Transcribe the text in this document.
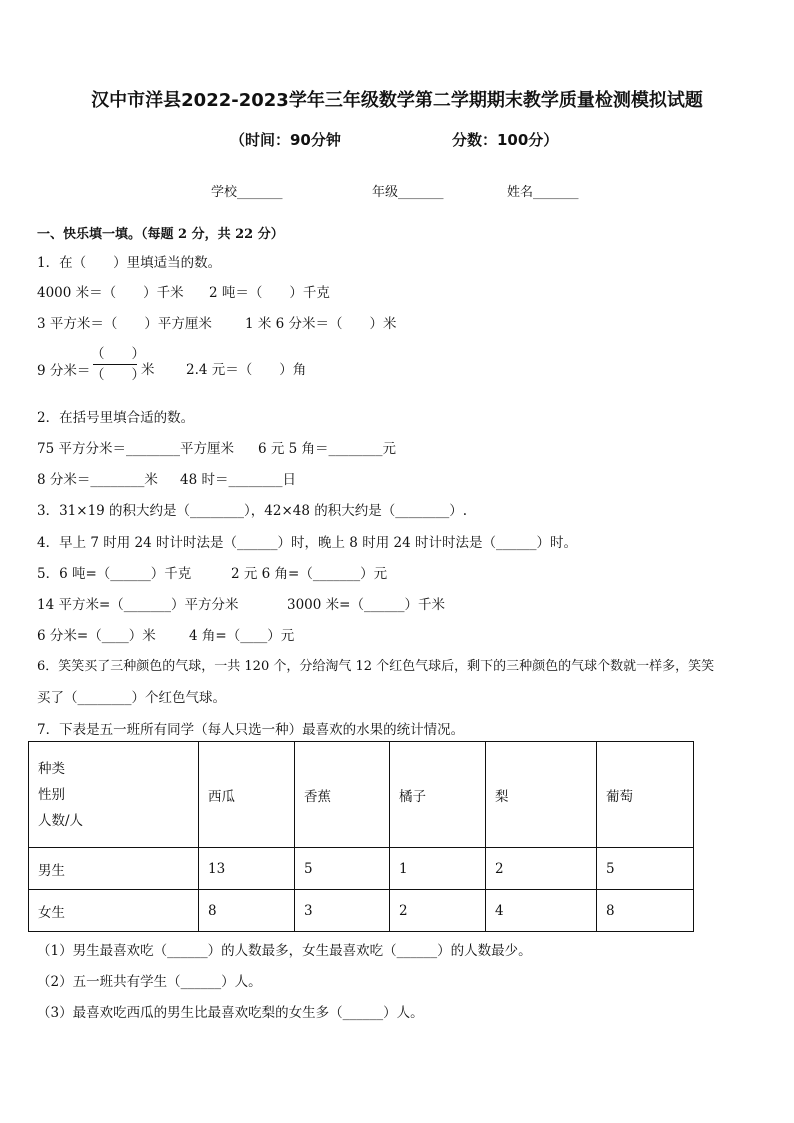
汉中市洋县2022-2023学年三年级数学第二学期期末教学质量检测模拟试题
（时间：90分钟	分数：100分）
学校_______	年级_______	姓名_______
一、快乐填一填。（每题 2 分，共 22 分）
1．在（　　）里填适当的数。
4000 米＝（　　）千米 2 吨＝（　　）千克
3 平方米＝（　　）平方厘米 1 米 6 分米＝（　　）米
9 分米＝
（　　）
（　　）
米 2.4 元＝（　　）角
2．在括号里填合适的数。
75 平方分米＝________平方厘米 6 元 5 角＝________元
8 分米＝________米 48 时＝________日
3．31×19 的积大约是（________），42×48 的积大约是（________）.
4．早上 7 时用 24 时计时法是（______）时，晚上 8 时用 24 时计时法是（______）时。
5．6 吨=（______）千克	2 元 6 角=（_______）元
14 平方米=（_______）平方分米	3000 米=（______）千米
6 分米=（____）米 4 角=（____）元
6．笑笑买了三种颜色的气球，一共 120 个，分给淘气 12 个红色气球后，剩下的三种颜色的气球个数就一样多，笑笑
买了（________）个红色气球。
7．下表是五一班所有同学（每人只选一种）最喜欢的水果的统计情况。
种类
性别
人数/人	西瓜	香蕉	橘子	梨	葡萄
男生	13	5	1	2	5
女生	8	3	2	4	8
（1）男生最喜欢吃（______）的人数最多，女生最喜欢吃（______）的人数最少。
（2）五一班共有学生（______）人。
（3）最喜欢吃西瓜的男生比最喜欢吃梨的女生多（______）人。
